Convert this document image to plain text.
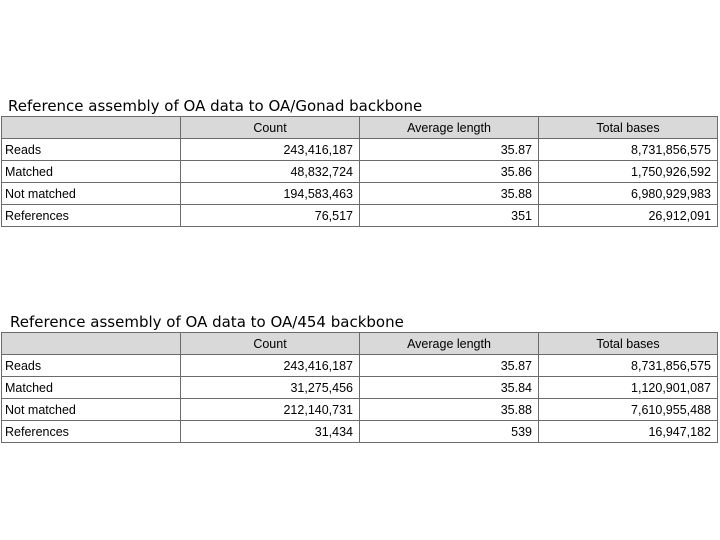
Reference assembly of OA data to OA/Gonad backbone
	Count	Average length	Total bases
Reads	243,416,187	35.87	8,731,856,575
Matched	48,832,724	35.86	1,750,926,592
Not matched	194,583,463	35.88	6,980,929,983
References	76,517	351	26,912,091
Reference assembly of OA data to OA/454 backbone
	Count	Average length	Total bases
Reads	243,416,187	35.87	8,731,856,575
Matched	31,275,456	35.84	1,120,901,087
Not matched	212,140,731	35.88	7,610,955,488
References	31,434	539	16,947,182
